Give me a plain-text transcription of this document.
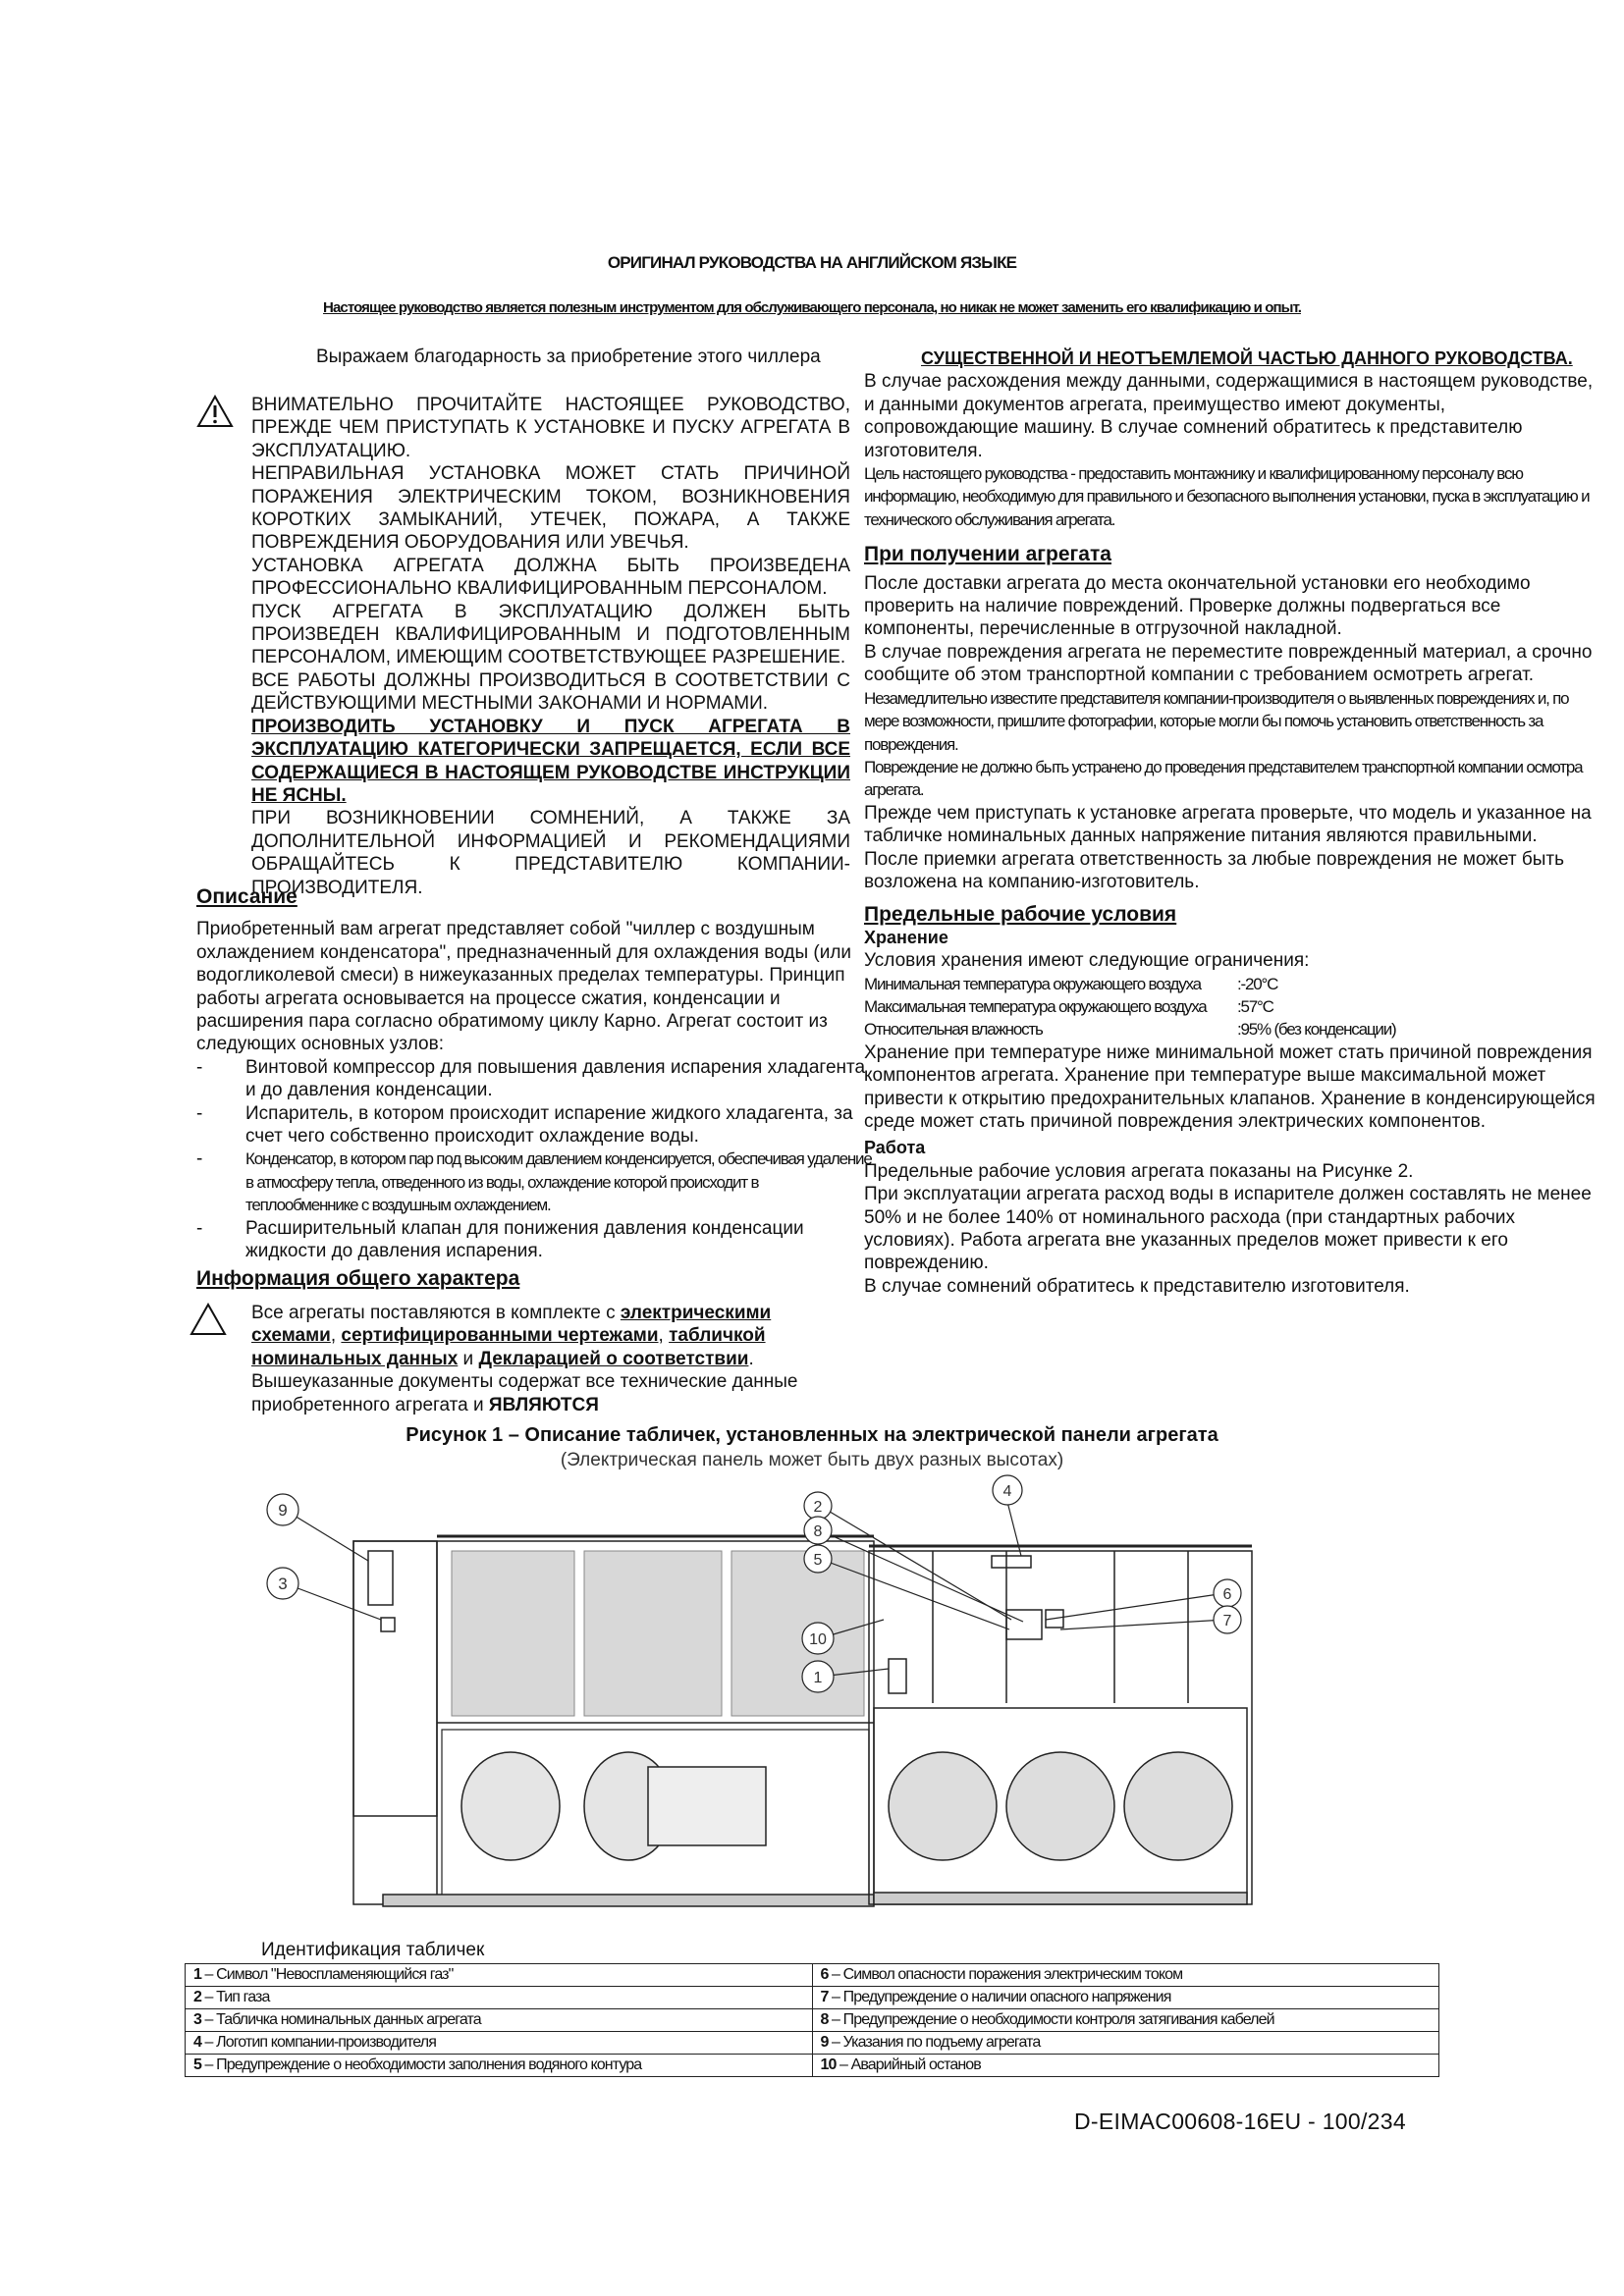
ОРИГИНАЛ РУКОВОДСТВА НА АНГЛИЙСКОМ ЯЗЫКЕ
Настоящее руководство является полезным инструментом для обслуживающего персонала, но никак не может заменить его квалификацию и опыт.
Выражаем благодарность за приобретение этого чиллера

ВНИМАТЕЛЬНО ПРОЧИТАЙТЕ НАСТОЯЩЕЕ РУКОВОДСТВО, ПРЕЖДЕ ЧЕМ ПРИСТУПАТЬ К УСТАНОВКЕ И ПУСКУ АГРЕГАТА В ЭКСПЛУАТАЦИЮ.

НЕПРАВИЛЬНАЯ УСТАНОВКА МОЖЕТ СТАТЬ ПРИЧИНОЙ ПОРАЖЕНИЯ ЭЛЕКТРИЧЕСКИМ ТОКОМ, ВОЗНИКНОВЕНИЯ КОРОТКИХ ЗАМЫКАНИЙ, УТЕЧЕК, ПОЖАРА, А ТАКЖЕ ПОВРЕЖДЕНИЯ ОБОРУДОВАНИЯ ИЛИ УВЕЧЬЯ.

УСТАНОВКА АГРЕГАТА ДОЛЖНА БЫТЬ ПРОИЗВЕДЕНА ПРОФЕССИОНАЛЬНО КВАЛИФИЦИРОВАННЫМ ПЕРСОНАЛОМ.

ПУСК АГРЕГАТА В ЭКСПЛУАТАЦИЮ ДОЛЖЕН БЫТЬ ПРОИЗВЕДЕН КВАЛИФИЦИРОВАННЫМ И ПОДГОТОВЛЕННЫМ ПЕРСОНАЛОМ, ИМЕЮЩИМ СООТВЕТСТВУЮЩЕЕ РАЗРЕШЕНИЕ.

ВСЕ РАБОТЫ ДОЛЖНЫ ПРОИЗВОДИТЬСЯ В СООТВЕТСТВИИ С ДЕЙСТВУЮЩИМИ МЕСТНЫМИ ЗАКОНАМИ И НОРМАМИ.

ПРОИЗВОДИТЬ УСТАНОВКУ И ПУСК АГРЕГАТА В ЭКСПЛУАТАЦИЮ КАТЕГОРИЧЕСКИ ЗАПРЕЩАЕТСЯ, ЕСЛИ ВСЕ СОДЕРЖАЩИЕСЯ В НАСТОЯЩЕМ РУКОВОДСТВЕ ИНСТРУКЦИИ НЕ ЯСНЫ.

ПРИ ВОЗНИКНОВЕНИИ СОМНЕНИЙ, А ТАКЖЕ ЗА ДОПОЛНИТЕЛЬНОЙ ИНФОРМАЦИЕЙ И РЕКОМЕНДАЦИЯМИ ОБРАЩАЙТЕСЬ К ПРЕДСТАВИТЕЛЮ КОМПАНИИ-ПРОИЗВОДИТЕЛЯ.

Описание

Приобретенный вам агрегат представляет собой "чиллер с воздушным охлаждением конденсатора", предназначенный для охлаждения воды (или водогликолевой смеси) в нижеуказанных пределах температуры. Принцип работы агрегата основывается на процессе сжатия, конденсации и расширения пара согласно обратимому циклу Карно. Агрегат состоит из следующих основных узлов:

-	Винтовой компрессор для повышения давления испарения хладагента и до давления конденсации.
-	Испаритель, в котором происходит испарение жидкого хладагента, за счет чего собственно происходит охлаждение воды.
-	Конденсатор, в котором пар под высоким давлением конденсируется, обеспечивая удаление в атмосферу тепла, отведенного из воды, охлаждение которой происходит в теплообменнике с воздушным охлаждением.
-	Расширительный клапан для понижения давления конденсации жидкости до давления испарения.

Информация общего характера

Все агрегаты поставляются в комплекте с электрическими схемами, сертифицированными чертежами, табличкой номинальных данных и Декларацией о соответствии. Вышеуказанные документы содержат все технические данные приобретенного агрегата и ЯВЛЯЮТСЯ

СУЩЕСТВЕННОЙ И НЕОТЪЕМЛЕМОЙ ЧАСТЬЮ ДАННОГО РУКОВОДСТВА.

В случае расхождения между данными, содержащимися в настоящем руководстве, и данными документов агрегата, преимущество имеют документы, сопровождающие машину. В случае сомнений обратитесь к представителю изготовителя.

Цель настоящего руководства - предоставить монтажнику и квалифицированному персоналу всю информацию, необходимую для правильного и безопасного выполнения установки, пуска в эксплуатацию и технического обслуживания агрегата.

При получении агрегата

После доставки агрегата до места окончательной установки его необходимо проверить на наличие повреждений. Проверке должны подвергаться все компоненты, перечисленные в отгрузочной накладной.

В случае повреждения агрегата не переместите поврежденный материал, а срочно сообщите об этом транспортной компании с требованием осмотреть агрегат.

Незамедлительно известите представителя компании-производителя о выявленных повреждениях и, по мере возможности, пришлите фотографии, которые могли бы помочь установить ответственность за повреждения.

Повреждение не должно быть устранено до проведения представителем транспортной компании осмотра агрегата.

Прежде чем приступать к установке агрегата проверьте, что модель и указанное на табличке номинальных данных напряжение питания являются правильными. После приемки агрегата ответственность за любые повреждения не может быть возложена на компанию-изготовитель.

Предельные рабочие условия

Хранение

Условия хранения имеют следующие ограничения:

Минимальная температура окружающего воздуха :-20°C
Максимальная температура окружающего воздуха :57°C
Относительная влажность	:95% (без конденсации)

Хранение при температуре ниже минимальной может стать причиной повреждения компонентов агрегата. Хранение при температуре выше максимальной может привести к открытию предохранительных клапанов. Хранение в конденсирующейся среде может стать причиной повреждения электрических компонентов.

Работа

Предельные рабочие условия агрегата показаны на Рисунке 2.

При эксплуатации агрегата расход воды в испарителе должен составлять не менее 50% и не более 140% от номинального расхода (при стандартных рабочих условиях). Работа агрегата вне указанных пределов может привести к его повреждению.

В случае сомнений обратитесь к представителю изготовителя.

Рисунок 1 – Описание табличек, установленных на электрической панели агрегата
(Электрическая панель может быть двух разных высотах)
9
3
2
8
5
10
1
4
6
7
Идентификация табличек
1 – Символ "Невоспламеняющийся газ"	6 – Символ опасности поражения электрическим током
2 – Тип газа	7 – Предупреждение о наличии опасного напряжения
3 – Табличка номинальных данных агрегата	8 – Предупреждение о необходимости контроля затягивания кабелей
4 – Логотип компании-производителя	9 – Указания по подъему агрегата
5 – Предупреждение о необходимости заполнения водяного контура	10 – Аварийный останов
D-EIMAC00608-16EU - 100/234
